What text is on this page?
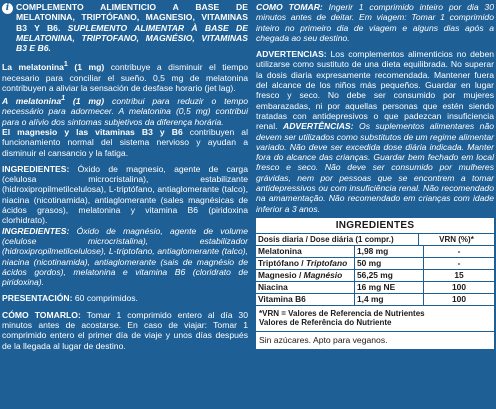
i COMPLEMENTO ALIMENTICIO A BASE DE MELATONINA, TRIPTÓFANO, MAGNESIO, VITAMINAS B3 Y B6. SUPLEMENTO ALIMENTAR À BASE DE MELATONINA, TRIPTOFANO, MAGNÉSIO, VITAMINAS B3 E B6.
La melatonina$^1$ (1 mg) contribuye a disminuir el tiempo necesario para conciliar el sueño. 0,5 mg de melatonina contribuyen a aliviar la sensación de desfase horario (jet lag).
A melatonina$^1$ (1 mg) contribui para reduzir o tempo necessário para adormecer. A melatonina (0,5 mg) contribui para o alívio dos sintomas subjetivos da diferença horária.
El magnesio y las vitaminas B3 y B6 contribuyen al funcionamiento normal del sistema nervioso y ayudan a disminuir el cansancio y la fatiga.
INGREDIENTES: Óxido de magnesio, agente de carga (celulosa microcristalina), estabilizante (hidroxipropilmetilcelulosa), L-triptófano, antiaglomerante (talco), niacina (nicotinamida), antiaglomerante (sales magnésicas de ácidos grasos), melatonina y vitamina B6 (piridoxina clorhidrato).
INGREDIENTES: Óxido de magnésio, agente de volume (celulose microcristalina), estabilizador (hidroxipropilmetilcelulose), L-triptofano, antiaglomerante (talco), niacina (nicotinamida), antiaglomerante (sais de magnésio de ácidos gordos), melatonina e vitamina B6 (cloridrato de piridoxina).
PRESENTACIÓN: 60 comprimidos.
CÓMO TOMARLO: Tomar 1 comprimido entero al día 30 minutos antes de acostarse. En caso de viajar: Tomar 1 comprimido entero el primer día de viaje y unos días después de la llegada al lugar de destino.
COMO TOMAR: Ingerir 1 comprimido inteiro por dia 30 minutos antes de deitar. Em viagem: Tomar 1 comprimido inteiro no primeiro dia de viagem e alguns dias após a chegada ao seu destino.
ADVERTENCIAS: Los complementos alimenticios no deben utilizarse como sustituto de una dieta equilibrada. No superar la dosis diaria expresamente recomendada. Mantener fuera del alcance de los niños más pequeños. Guardar en lugar fresco y seco. No debe ser consumido por mujeres embarazadas, ni por aquellas personas que estén siendo tratadas con antidepresivos o que padezcan insuficiencia renal. ADVERTÊNCIAS: Os suplementos alimentares não devem ser utilizados como substitutos de um regime alimentar variado. Não deve ser excedida dose diária indicada. Manter fora do alcance das crianças. Guardar bem fechado em local fresco e seco. Não deve ser consumido por mulheres grávidas, nem por pessoas que se encontrem a tomar antidepressivos ou com insuficiência renal. Não recomendado na amamentação. Não recomendado em crianças com idade inferior a 3 anos.
INGREDIENTES
Dosis diaria / Dose diária (1 compr.)	VRN (%)*
Melatonina	1,98 mg	-
Triptófano / Triptofano	50 mg	-
Magnesio / Magnésio	56,25 mg	15
Niacina	16 mg NE	100
Vitamina B6	1,4 mg	100
*VRN = Valores de Referencia de Nutrientes
Valores de Referência do Nutriente
Sin azúcares. Apto para veganos.
